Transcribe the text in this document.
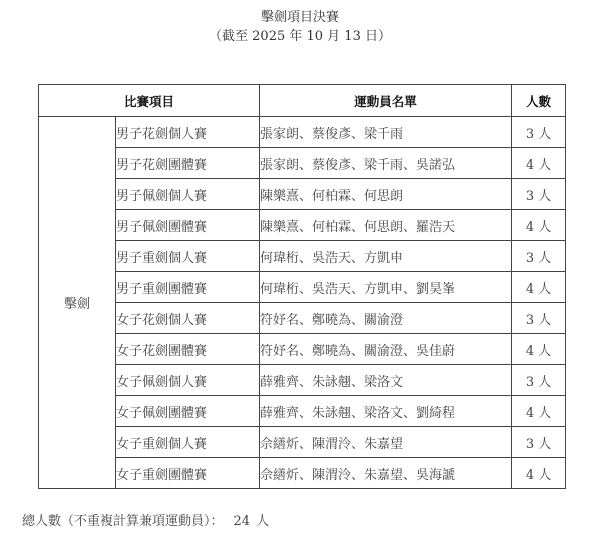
擊劍項目決賽
（截至 2025 年 10 月 13 日）
比賽項目		運動員名單	人數
擊劍	男子花劍個人賽	張家朗、蔡俊彥、梁千雨	3 人
	男子花劍團體賽	張家朗、蔡俊彥、梁千雨、吳諾弘	4 人
	男子佩劍個人賽	陳樂熹、何柏霖、何思朗	3 人
	男子佩劍團體賽	陳樂熹、何柏霖、何思朗、羅浩天	4 人
	男子重劍個人賽	何瑋桁、吳浩天、方凱申	3 人
	男子重劍團體賽	何瑋桁、吳浩天、方凱申、劉昊峯	4 人
	女子花劍個人賽	符妤名、鄭曉為、關渝澄	3 人
	女子花劍團體賽	符妤名、鄭曉為、關渝澄、吳佳蔚	4 人
	女子佩劍個人賽	薛雅齊、朱詠翹、梁洛文	3 人
	女子佩劍團體賽	薛雅齊、朱詠翹、梁洛文、劉綺程	4 人
	女子重劍個人賽	佘繕炘、陳渭泠、朱嘉望	3 人
	女子重劍團體賽	佘繕炘、陳渭泠、朱嘉望、吳海謕	4 人
總人數（不重複計算兼項運動員）： 24 人
